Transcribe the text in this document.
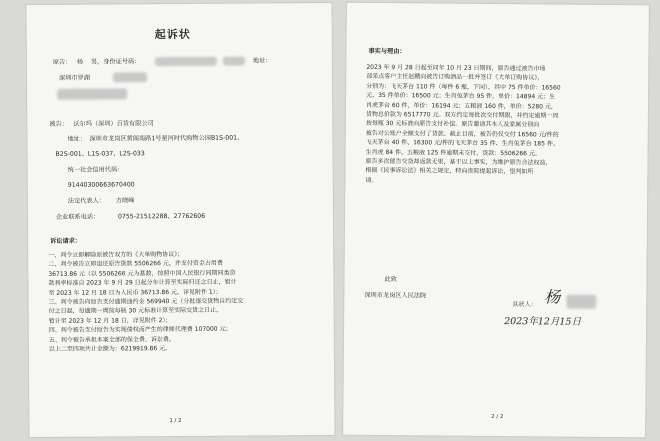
起诉状
原告： 杨 男，身份证号码：	地址：
深圳市罗湖
被告： 沃尔玛（深圳）百货有限公司
地址： 深圳市龙岗区黄阁南路1号星河时代购物公园B1S-001、
B2S-001、L1S-037、L2S-033
统一社会信用代码：
91440300663670400
法定代表人： 方晓峰
企业联系电话：	0755-21512288、27762606
诉讼请求：
一、判令立即解除原被告双方的《大单购物协议》；
二、判令被告立即退还原告货款 5506266 元，并支付资金占用费
36713.86 元（以 5506266 元为基数，按照中国人民银行同期同类贷
款利率标准自 2023 年 9 月 29 日起分年计算至实际归还之日止，暂计
至 2023 年 12 月 18 日为人民币 36713.86 元，详见附件 1）；
三、判令被告向原告支付逾期违约金 569940 元（分批逐交货物自约定交
付之日起，每逾期一周按每瓶 30 元标准计算至实际交货之日止，
暂计至 2023 年 12 月 18 日，详见附件 2）；
四、判令被告支付原告为实现债权而产生的律师代理费 107000 元；
五、判令被告承担本案全部的保全费、诉讼费。
以上二至四项共计金额为：6219919.86 元。
1 / 2
事实与理由：
2023 年 9 月 28 日起至同年 10 月 23 日期间，原告通过被告市场
部采点客户主任赵鹏向被告订购酒品一批并签订《大单订购协议》，
分别为：飞天茅台 110 件（每件 6 瓶，下同），其中 75 件单价：16560
元，35 件单价：16500 元；生肖兔茅台 95 件，单价：14894 元；生
肖虎茅台 60 件，单价：16194 元；五粮液 160 件，单价：5280 元，
货物总价款为 6517770 元。双方约定每批次交付期限，并约定逾期一周
按每瓶 30 元标准向原告支付补偿。原告邀请其本人及家属分别向
被告对公账户全额支付了货款。截止目前，被告仍仅交付 16560 元/件的
飞天茅台 40 件、16300 元/件的飞天茅台 35 件、生肖兔茅台 185 件、
生肖虎 84 件、五粮液 125 件逾期未交付，货款：5506266 元。
原告多次催告交货却返款无果，基于以上事实，为维护原告合法权益，
根据《民事诉讼法》相关之规定，特向贵院提起诉讼，望判如所
请。
此致
深圳市龙岗区人民法院
具状人： 杨
2023年12月15日
2 / 2
